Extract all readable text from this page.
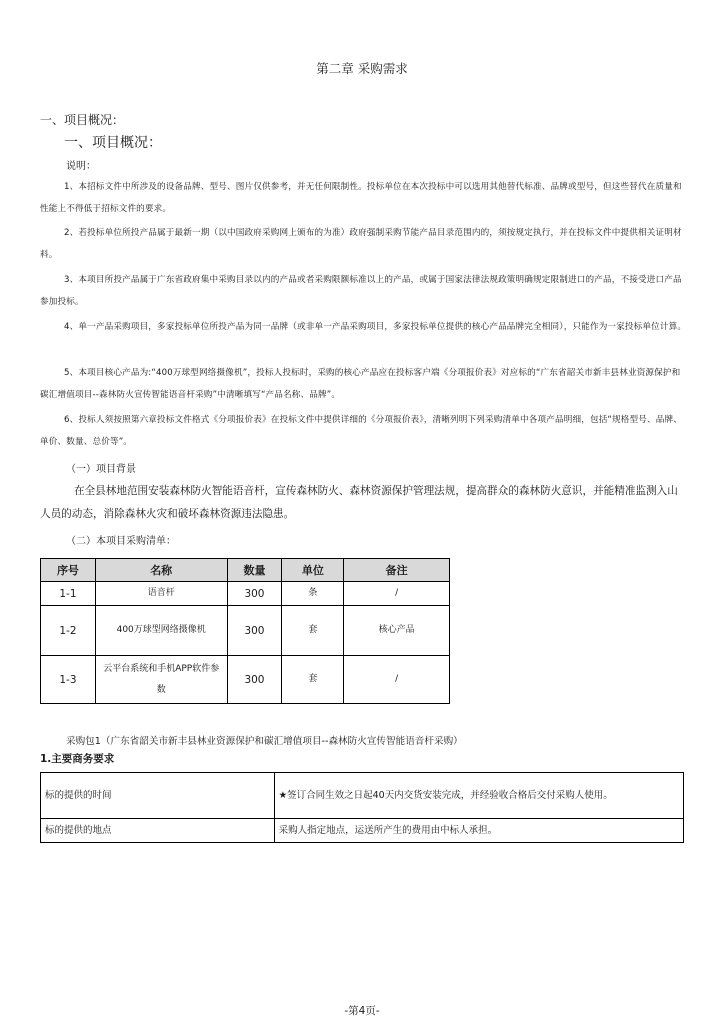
第二章 采购需求
一、项目概况：
一、项目概况：
说明：
1、本招标文件中所涉及的设备品牌、型号、图片仅供参考，并无任何限制性。投标单位在本次投标中可以选用其他替代标准、品牌或型号，但这些替代在质量和性能上不得低于招标文件的要求。
2、若投标单位所投产品属于最新一期（以中国政府采购网上颁布的为准）政府强制采购节能产品目录范围内的，须按规定执行，并在投标文件中提供相关证明材料。
3、本项目所投产品属于广东省政府集中采购目录以内的产品或者采购限额标准以上的产品，或属于国家法律法规政策明确规定限制进口的产品，不接受进口产品参加投标。
4、单一产品采购项目，多家投标单位所投产品为同一品牌（或非单一产品采购项目，多家投标单位提供的核心产品品牌完全相同），只能作为一家投标单位计算。
5、本项目核心产品为:“400万球型网络摄像机”，投标人投标时，采购的核心产品应在投标客户端《分项报价表》对应标的“广东省韶关市新丰县林业资源保护和碳汇增值项目--森林防火宣传智能语音杆采购”中清晰填写“产品名称、品牌”。
6、投标人须按照第六章投标文件格式《分项报价表》在投标文件中提供详细的《分项报价表》，清晰列明下列采购清单中各项产品明细，包括“规格型号、品牌、单价、数量、总价等”。
（一）项目背景
在全县林地范围安装森林防火智能语音杆，宣传森林防火、森林资源保护管理法规，提高群众的森林防火意识，并能精准监测入山人员的动态，消除森林火灾和破坏森林资源违法隐患。
（二）本项目采购清单：
序号	名称	数量	单位	备注
1-1	语音杆	300	条	/
1-2	400万球型网络摄像机	300	套	核心产品
1-3	云平台系统和手机APP软件参数	300	套	/
采购包1（广东省韶关市新丰县林业资源保护和碳汇增值项目--森林防火宣传智能语音杆采购）
1.主要商务要求
标的提供的时间	★签订合同生效之日起40天内交货安装完成，并经验收合格后交付采购人使用。
标的提供的地点	采购人指定地点，运送所产生的费用由中标人承担。
-第4页-
